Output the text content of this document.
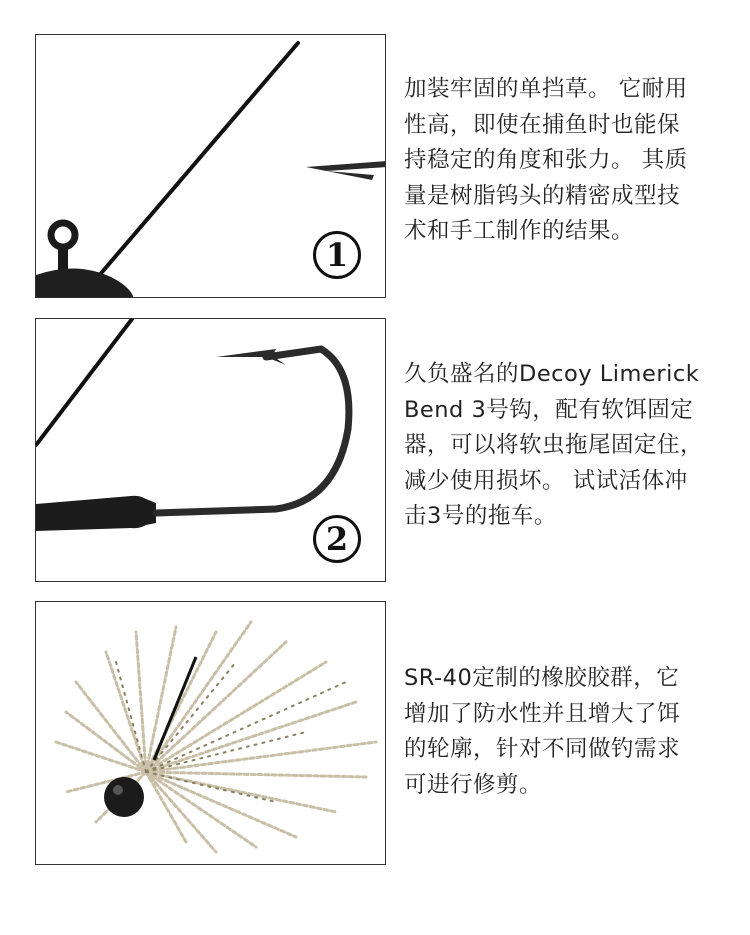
1
加装牢固的单挡草。 它耐用
性高，即使在捕鱼时也能保
持稳定的角度和张力。 其质
量是树脂钨头的精密成型技
术和手工制作的结果。
2
久负盛名的Decoy Limerick
Bend 3号钩，配有软饵固定
器，可以将软虫拖尾固定住，
减少使用损坏。 试试活体冲
击3号的拖车。
SR-40定制的橡胶胶群，它
增加了防水性并且增大了饵
的轮廓，针对不同做钓需求
可进行修剪。
